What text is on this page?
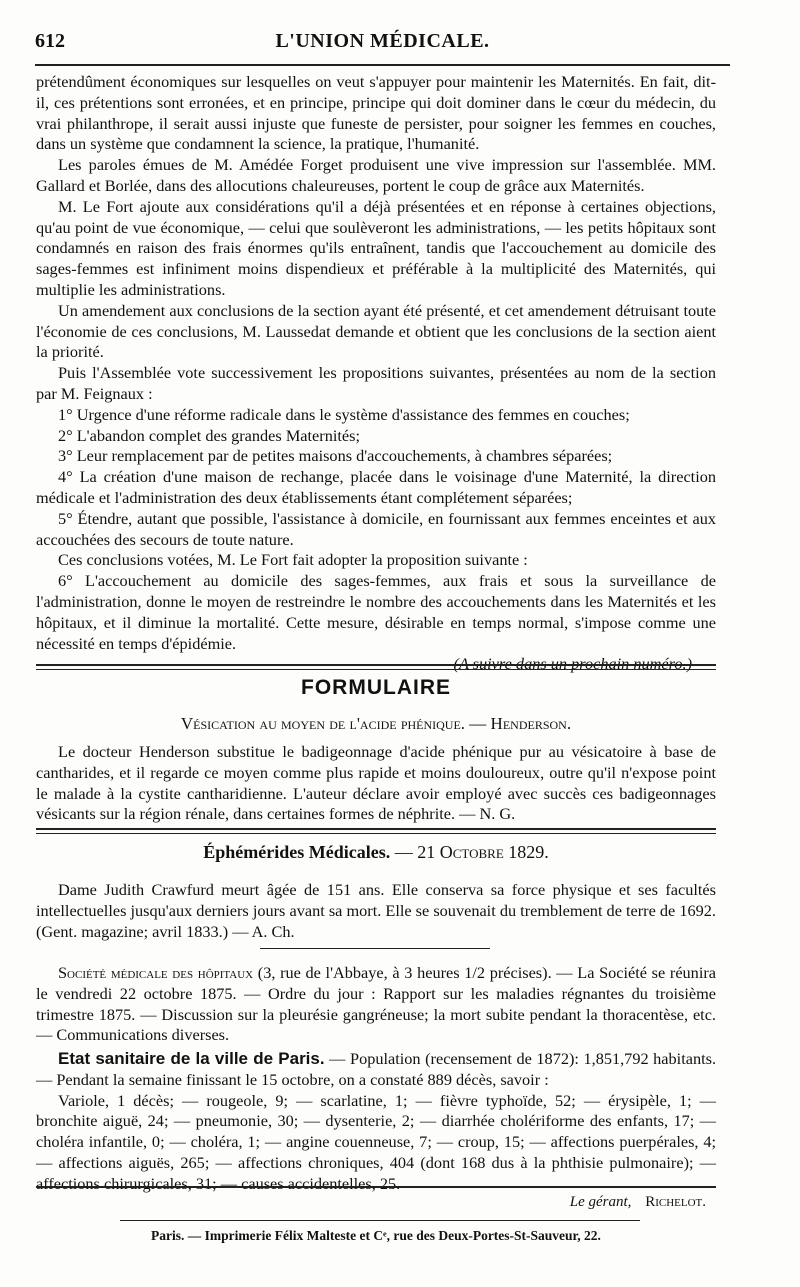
612	L'UNION MÉDICALE.

prétendûment économiques sur lesquelles on veut s'appuyer pour maintenir les Maternités. En fait, dit-il, ces prétentions sont erronées, et en principe, principe qui doit dominer dans le cœur du médecin, du vrai philanthrope, il serait aussi injuste que funeste de persister, pour soigner les femmes en couches, dans un système que condamnent la science, la pratique, l'humanité.

Les paroles émues de M. Amédée Forget produisent une vive impression sur l'assemblée. MM. Gallard et Borlée, dans des allocutions chaleureuses, portent le coup de grâce aux Maternités.

M. Le Fort ajoute aux considérations qu'il a déjà présentées et en réponse à certaines objections, qu'au point de vue économique, — celui que soulèveront les administrations, — les petits hôpitaux sont condamnés en raison des frais énormes qu'ils entraînent, tandis que l'accouchement au domicile des sages-femmes est infiniment moins dispendieux et préférable à la multiplicité des Maternités, qui multiplie les administrations.

Un amendement aux conclusions de la section ayant été présenté, et cet amendement détruisant toute l'économie de ces conclusions, M. Laussedat demande et obtient que les conclusions de la section aient la priorité.

Puis l'Assemblée vote successivement les propositions suivantes, présentées au nom de la section par M. Feignaux :

1° Urgence d'une réforme radicale dans le système d'assistance des femmes en couches;

2° L'abandon complet des grandes Maternités;

3° Leur remplacement par de petites maisons d'accouchements, à chambres séparées;

4° La création d'une maison de rechange, placée dans le voisinage d'une Maternité, la direction médicale et l'administration des deux établissements étant complétement séparées;

5° Étendre, autant que possible, l'assistance à domicile, en fournissant aux femmes enceintes et aux accouchées des secours de toute nature.

Ces conclusions votées, M. Le Fort fait adopter la proposition suivante :

6° L'accouchement au domicile des sages-femmes, aux frais et sous la surveillance de l'administration, donne le moyen de restreindre le nombre des accouchements dans les Maternités et les hôpitaux, et il diminue la mortalité. Cette mesure, désirable en temps normal, s'impose comme une nécessité en temps d'épidémie.

(A suivre dans un prochain numéro.)

FORMULAIRE
Vésication au moyen de l'acide phénique. — Henderson.

Le docteur Henderson substitue le badigeonnage d'acide phénique pur au vésicatoire à base de cantharides, et il regarde ce moyen comme plus rapide et moins douloureux, outre qu'il n'expose point le malade à la cystite cantharidienne. L'auteur déclare avoir employé avec succès ces badigeonnages vésicants sur la région rénale, dans certaines formes de néphrite. — N. G.

Éphémérides Médicales. — 21 Octobre 1829.

Dame Judith Crawfurd meurt âgée de 151 ans. Elle conserva sa force physique et ses facultés intellectuelles jusqu'aux derniers jours avant sa mort. Elle se souvenait du tremblement de terre de 1692. (Gent. magazine; avril 1833.) — A. Ch.

Société médicale des hôpitaux (3, rue de l'Abbaye, à 3 heures 1/2 précises). — La Société se réunira le vendredi 22 octobre 1875. — Ordre du jour : Rapport sur les maladies régnantes du troisième trimestre 1875. — Discussion sur la pleurésie gangréneuse; la mort subite pendant la thoracentèse, etc. — Communications diverses.

Etat sanitaire de la ville de Paris. — Population (recensement de 1872): 1,851,792 habitants. — Pendant la semaine finissant le 15 octobre, on a constaté 889 décès, savoir :

Variole, 1 décès; — rougeole, 9; — scarlatine, 1; — fièvre typhoïde, 52; — érysipèle, 1; — bronchite aiguë, 24; — pneumonie, 30; — dysenterie, 2; — diarrhée cholériforme des enfants, 17; — choléra infantile, 0; — choléra, 1; — angine couenneuse, 7; — croup, 15; — affections puerpérales, 4; — affections aiguës, 265; — affections chroniques, 404 (dont 168 dus à la phthisie pulmonaire); — affections chirurgicales, 31; — causes accidentelles, 25.

Le gérant, Richelot.
Paris. — Imprimerie Félix Malteste et Cᵉ, rue des Deux-Portes-St-Sauveur, 22.
